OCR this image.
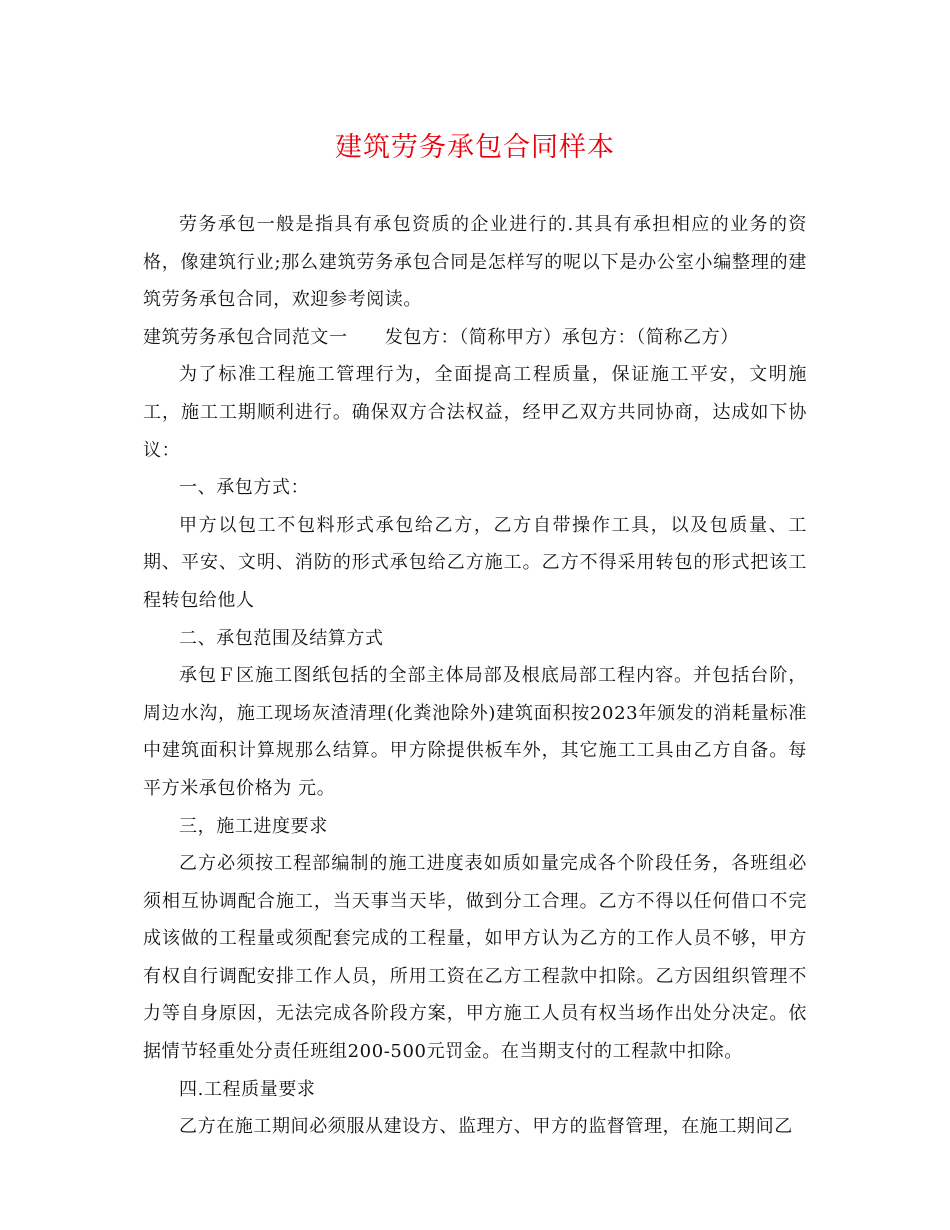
建筑劳务承包合同样本

劳务承包一般是指具有承包资质的企业进行的.其具有承担相应的业务的资格，像建筑行业;那么建筑劳务承包合同是怎样写的呢以下是办公室小编整理的建筑劳务承包合同，欢迎参考阅读。

建筑劳务承包合同范文一　　发包方：（简称甲方）承包方：（简称乙方）

为了标准工程施工管理行为，全面提高工程质量，保证施工平安，文明施工，施工工期顺利进行。确保双方合法权益，经甲乙双方共同协商，达成如下协议：

一、承包方式：

甲方以包工不包料形式承包给乙方，乙方自带操作工具，以及包质量、工期、平安、文明、消防的形式承包给乙方施工。乙方不得采用转包的形式把该工程转包给他人

二、承包范围及结算方式

承包Ｆ区施工图纸包括的全部主体局部及根底局部工程内容。并包括台阶，周边水沟，施工现场灰渣清理(化粪池除外)建筑面积按2023年颁发的消耗量标准中建筑面积计算规那么结算。甲方除提供板车外，其它施工工具由乙方自备。每平方米承包价格为 元。

三，施工进度要求

乙方必须按工程部编制的施工进度表如质如量完成各个阶段任务，各班组必须相互协调配合施工，当天事当天毕，做到分工合理。乙方不得以任何借口不完成该做的工程量或须配套完成的工程量，如甲方认为乙方的工作人员不够，甲方有权自行调配安排工作人员，所用工资在乙方工程款中扣除。乙方因组织管理不力等自身原因，无法完成各阶段方案，甲方施工人员有权当场作出处分决定。依据情节轻重处分责任班组200-500元罚金。在当期支付的工程款中扣除。

四.工程质量要求

乙方在施工期间必须服从建设方、监理方、甲方的监督管理，在施工期间乙
